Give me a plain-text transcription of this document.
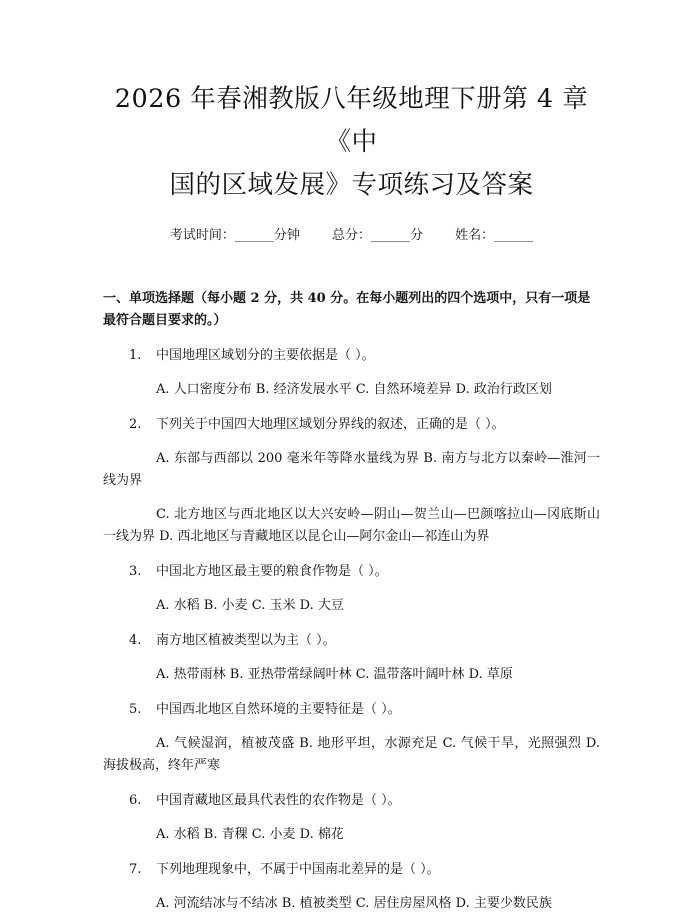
2026 年春湘教版八年级地理下册第 4 章《中
国的区域发展》专项练习及答案
考试时间：______分钟 总分：______分 姓名：______
一、单项选择题（每小题 2 分，共 40 分。在每小题列出的四个选项中，只有一项是最符合题目要求的。）
1.	中国地理区域划分的主要依据是（ ）。
A. 人口密度分布 B. 经济发展水平 C. 自然环境差异 D. 政治行政区划
2.	下列关于中国四大地理区域划分界线的叙述，正确的是（ ）。
A. 东部与西部以 200 毫米年等降水量线为界 B. 南方与北方以秦岭—淮河一线为界
C. 北方地区与西北地区以大兴安岭—阴山—贺兰山—巴颜喀拉山—冈底斯山一线为界 D. 西北地区与青藏地区以昆仑山—阿尔金山—祁连山为界
3.	中国北方地区最主要的粮食作物是（ ）。
A. 水稻 B. 小麦 C. 玉米 D. 大豆
4.	南方地区植被类型以为主（ ）。
A. 热带雨林 B. 亚热带常绿阔叶林 C. 温带落叶阔叶林 D. 草原
5.	中国西北地区自然环境的主要特征是（ ）。
A. 气候湿润，植被茂盛 B. 地形平坦，水源充足 C. 气候干旱，光照强烈 D. 海拔极高，终年严寒
6.	中国青藏地区最具代表性的农作物是（ ）。
A. 水稻 B. 青稞 C. 小麦 D. 棉花
7.	下列地理现象中，不属于中国南北差异的是（ ）。
A. 河流结冰与不结冰 B. 植被类型 C. 居住房屋风格 D. 主要少数民族
